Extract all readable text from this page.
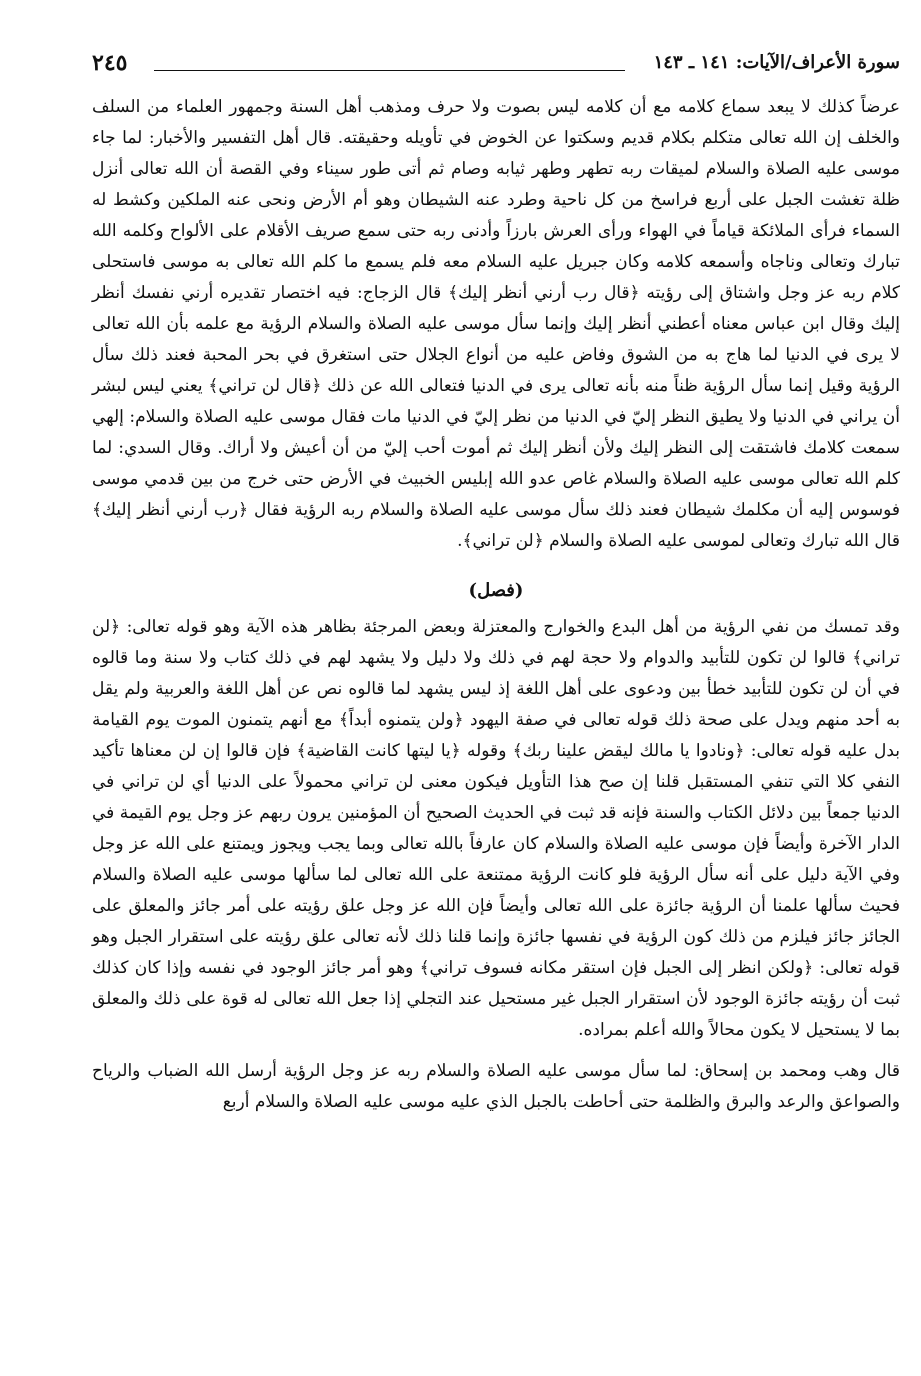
سورة الأعراف/الآيات: ١٤١ ـ ١٤٣
٢٤٥

عرضاً كذلك لا يبعد سماع كلامه مع أن كلامه ليس بصوت ولا حرف ومذهب أهل السنة وجمهور العلماء من السلف والخلف إن الله تعالى متكلم بكلام قديم وسكتوا عن الخوض في تأويله وحقيقته. قال أهل التفسير والأخبار: لما جاء موسى عليه الصلاة والسلام لميقات ربه تطهر وطهر ثيابه وصام ثم أتى طور سيناء وفي القصة أن الله تعالى أنزل ظلة تغشت الجبل على أربع فراسخ من كل ناحية وطرد عنه الشيطان وهو أم الأرض ونحى عنه الملكين وكشط له السماء فرأى الملائكة قياماً في الهواء ورأى العرش بارزاً وأدنى ربه حتى سمع صريف الأقلام على الألواح وكلمه الله تبارك وتعالى وناجاه وأسمعه كلامه وكان جبريل عليه السلام معه فلم يسمع ما كلم الله تعالى به موسى فاستحلى كلام ربه عز وجل واشتاق إلى رؤيته ﴿قال رب أرني أنظر إليك﴾ قال الزجاج: فيه اختصار تقديره أرني نفسك أنظر إليك وقال ابن عباس معناه أعطني أنظر إليك وإنما سأل موسى عليه الصلاة والسلام الرؤية مع علمه بأن الله تعالى لا يرى في الدنيا لما هاج به من الشوق وفاض عليه من أنواع الجلال حتى استغرق في بحر المحبة فعند ذلك سأل الرؤية وقيل إنما سأل الرؤية ظناً منه بأنه تعالى يرى في الدنيا فتعالى الله عن ذلك ﴿قال لن تراني﴾ يعني ليس لبشر أن يراني في الدنيا ولا يطيق النظر إليّ في الدنيا من نظر إليّ في الدنيا مات فقال موسى عليه الصلاة والسلام: إلهي سمعت كلامك فاشتقت إلى النظر إليك ولأن أنظر إليك ثم أموت أحب إليّ من أن أعيش ولا أراك. وقال السدي: لما كلم الله تعالى موسى عليه الصلاة والسلام غاص عدو الله إبليس الخبيث في الأرض حتى خرج من بين قدمي موسى فوسوس إليه أن مكلمك شيطان فعند ذلك سأل موسى عليه الصلاة والسلام ربه الرؤية فقال ﴿رب أرني أنظر إليك﴾ قال الله تبارك وتعالى لموسى عليه الصلاة والسلام ﴿لن تراني﴾.

(فصل)

وقد تمسك من نفي الرؤية من أهل البدع والخوارج والمعتزلة وبعض المرجئة بظاهر هذه الآية وهو قوله تعالى: ﴿لن تراني﴾ قالوا لن تكون للتأبيد والدوام ولا حجة لهم في ذلك ولا دليل ولا يشهد لهم في ذلك كتاب ولا سنة وما قالوه في أن لن تكون للتأبيد خطأ بين ودعوى على أهل اللغة إذ ليس يشهد لما قالوه نص عن أهل اللغة والعربية ولم يقل به أحد منهم ويدل على صحة ذلك قوله تعالى في صفة اليهود ﴿ولن يتمنوه أبداً﴾ مع أنهم يتمنون الموت يوم القيامة بدل عليه قوله تعالى: ﴿ونادوا يا مالك ليقض علينا ربك﴾ وقوله ﴿يا ليتها كانت القاضية﴾ فإن قالوا إن لن معناها تأكيد النفي كلا التي تنفي المستقبل قلنا إن صح هذا التأويل فيكون معنى لن تراني محمولاً على الدنيا أي لن تراني في الدنيا جمعاً بين دلائل الكتاب والسنة فإنه قد ثبت في الحديث الصحيح أن المؤمنين يرون ربهم عز وجل يوم القيمة في الدار الآخرة وأيضاً فإن موسى عليه الصلاة والسلام كان عارفاً بالله تعالى وبما يجب ويجوز ويمتنع على الله عز وجل وفي الآية دليل على أنه سأل الرؤية فلو كانت الرؤية ممتنعة على الله تعالى لما سألها موسى عليه الصلاة والسلام فحيث سألها علمنا أن الرؤية جائزة على الله تعالى وأيضاً فإن الله عز وجل علق رؤيته على أمر جائز والمعلق على الجائز جائز فيلزم من ذلك كون الرؤية في نفسها جائزة وإنما قلنا ذلك لأنه تعالى علق رؤيته على استقرار الجبل وهو قوله تعالى: ﴿ولكن انظر إلى الجبل فإن استقر مكانه فسوف تراني﴾ وهو أمر جائز الوجود في نفسه وإذا كان كذلك ثبت أن رؤيته جائزة الوجود لأن استقرار الجبل غير مستحيل عند التجلي إذا جعل الله تعالى له قوة على ذلك والمعلق بما لا يستحيل لا يكون محالاً والله أعلم بمراده.

قال وهب ومحمد بن إسحاق: لما سأل موسى عليه الصلاة والسلام ربه عز وجل الرؤية أرسل الله الضباب والرياح والصواعق والرعد والبرق والظلمة حتى أحاطت بالجبل الذي عليه موسى عليه الصلاة والسلام أربع
